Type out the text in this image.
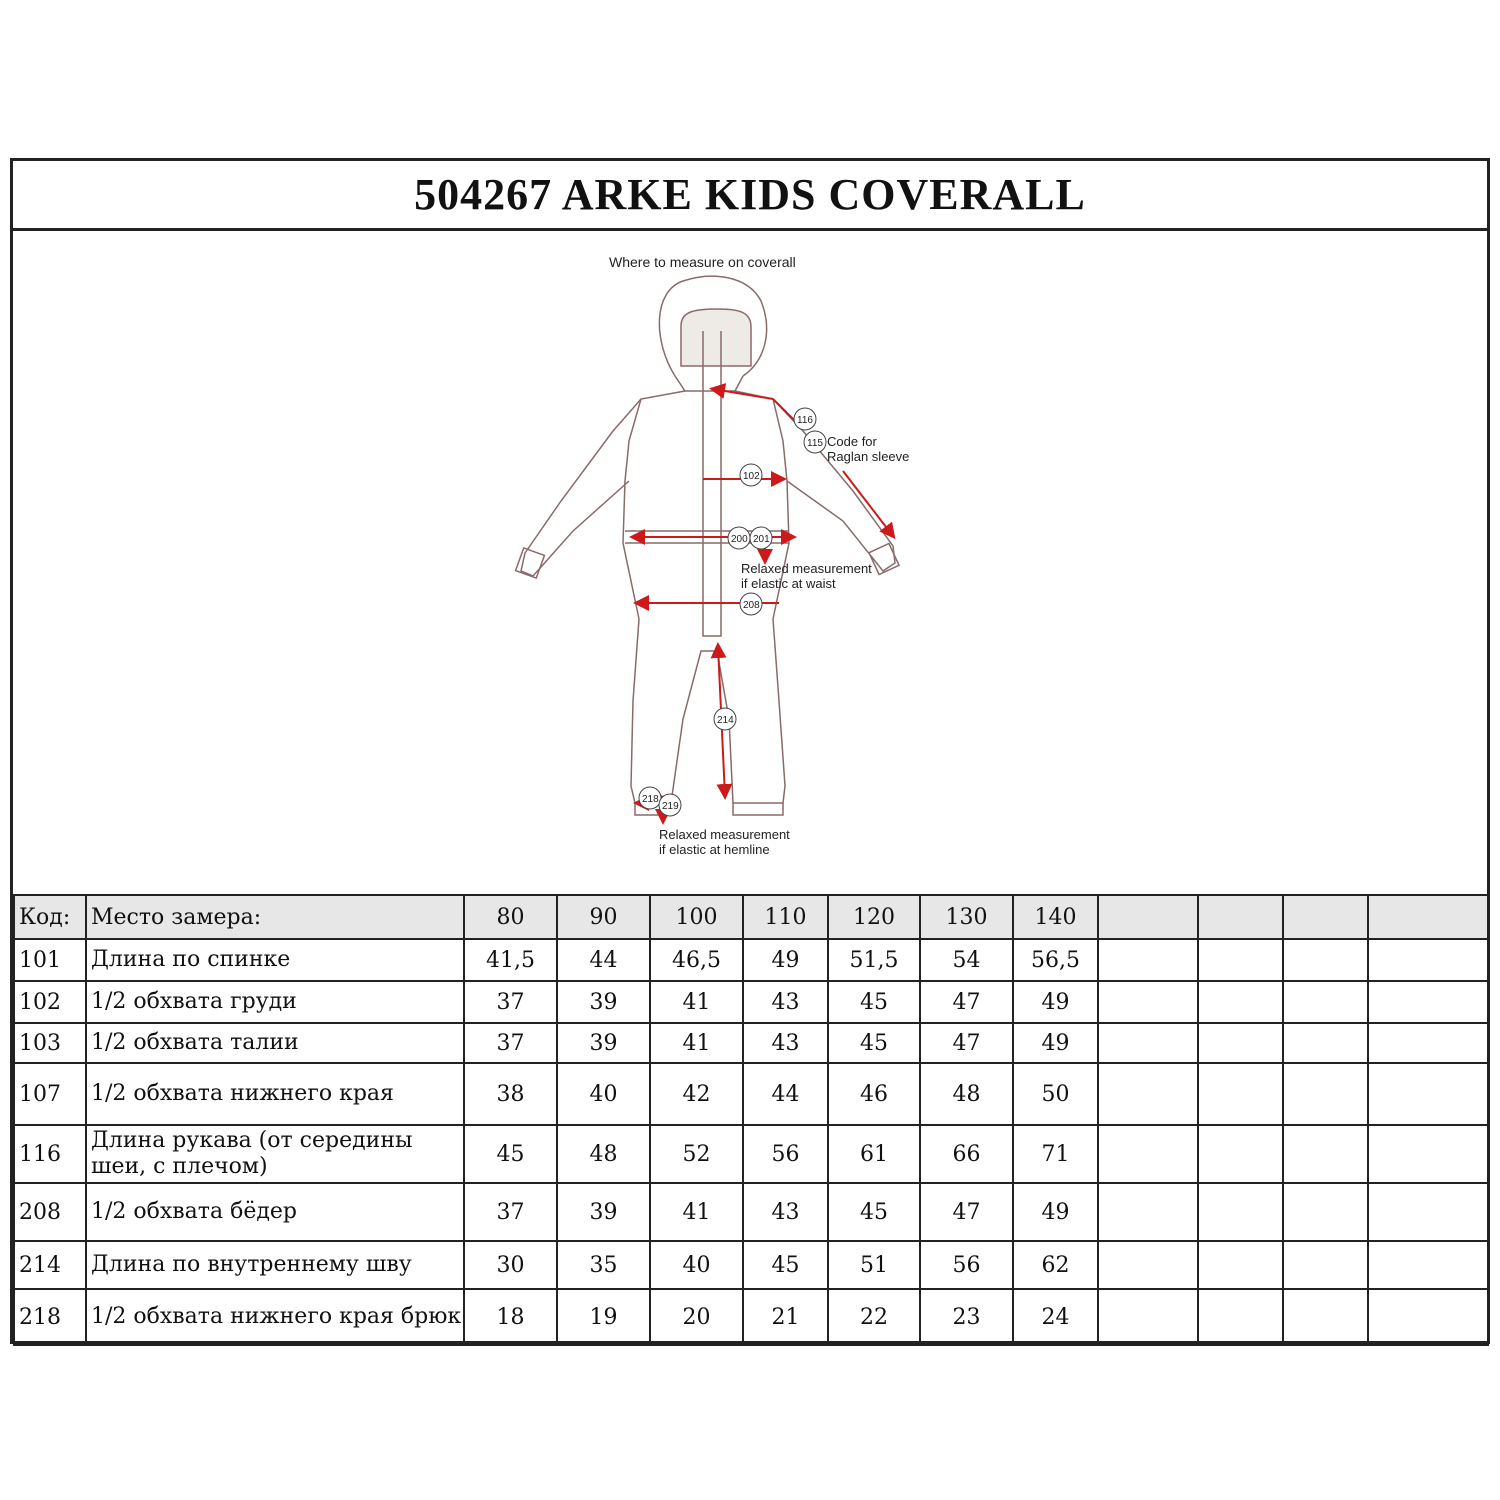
504267 ARKE KIDS COVERALL
Where to measure on coverall
116
115
102
200 201
208
214
218
219
Code for
Raglan sleeve
Relaxed measurement
if elastic at waist
Relaxed measurement
if elastic at hemline
Код:	Место замера:	80	90	100	110	120	130	140				
101	Длина по спинке	41,5	44	46,5	49	51,5	54	56,5				
102	1/2 обхвата груди	37	39	41	43	45	47	49				
103	1/2 обхвата талии	37	39	41	43	45	47	49				
107	1/2 обхвата нижнего края	38	40	42	44	46	48	50				
116	Длина рукава (от середины шеи, с плечом)	45	48	52	56	61	66	71				
208	1/2 обхвата бёдер	37	39	41	43	45	47	49				
214	Длина по внутреннему шву	30	35	40	45	51	56	62				
218	1/2 обхвата нижнего края брюк	18	19	20	21	22	23	24				
